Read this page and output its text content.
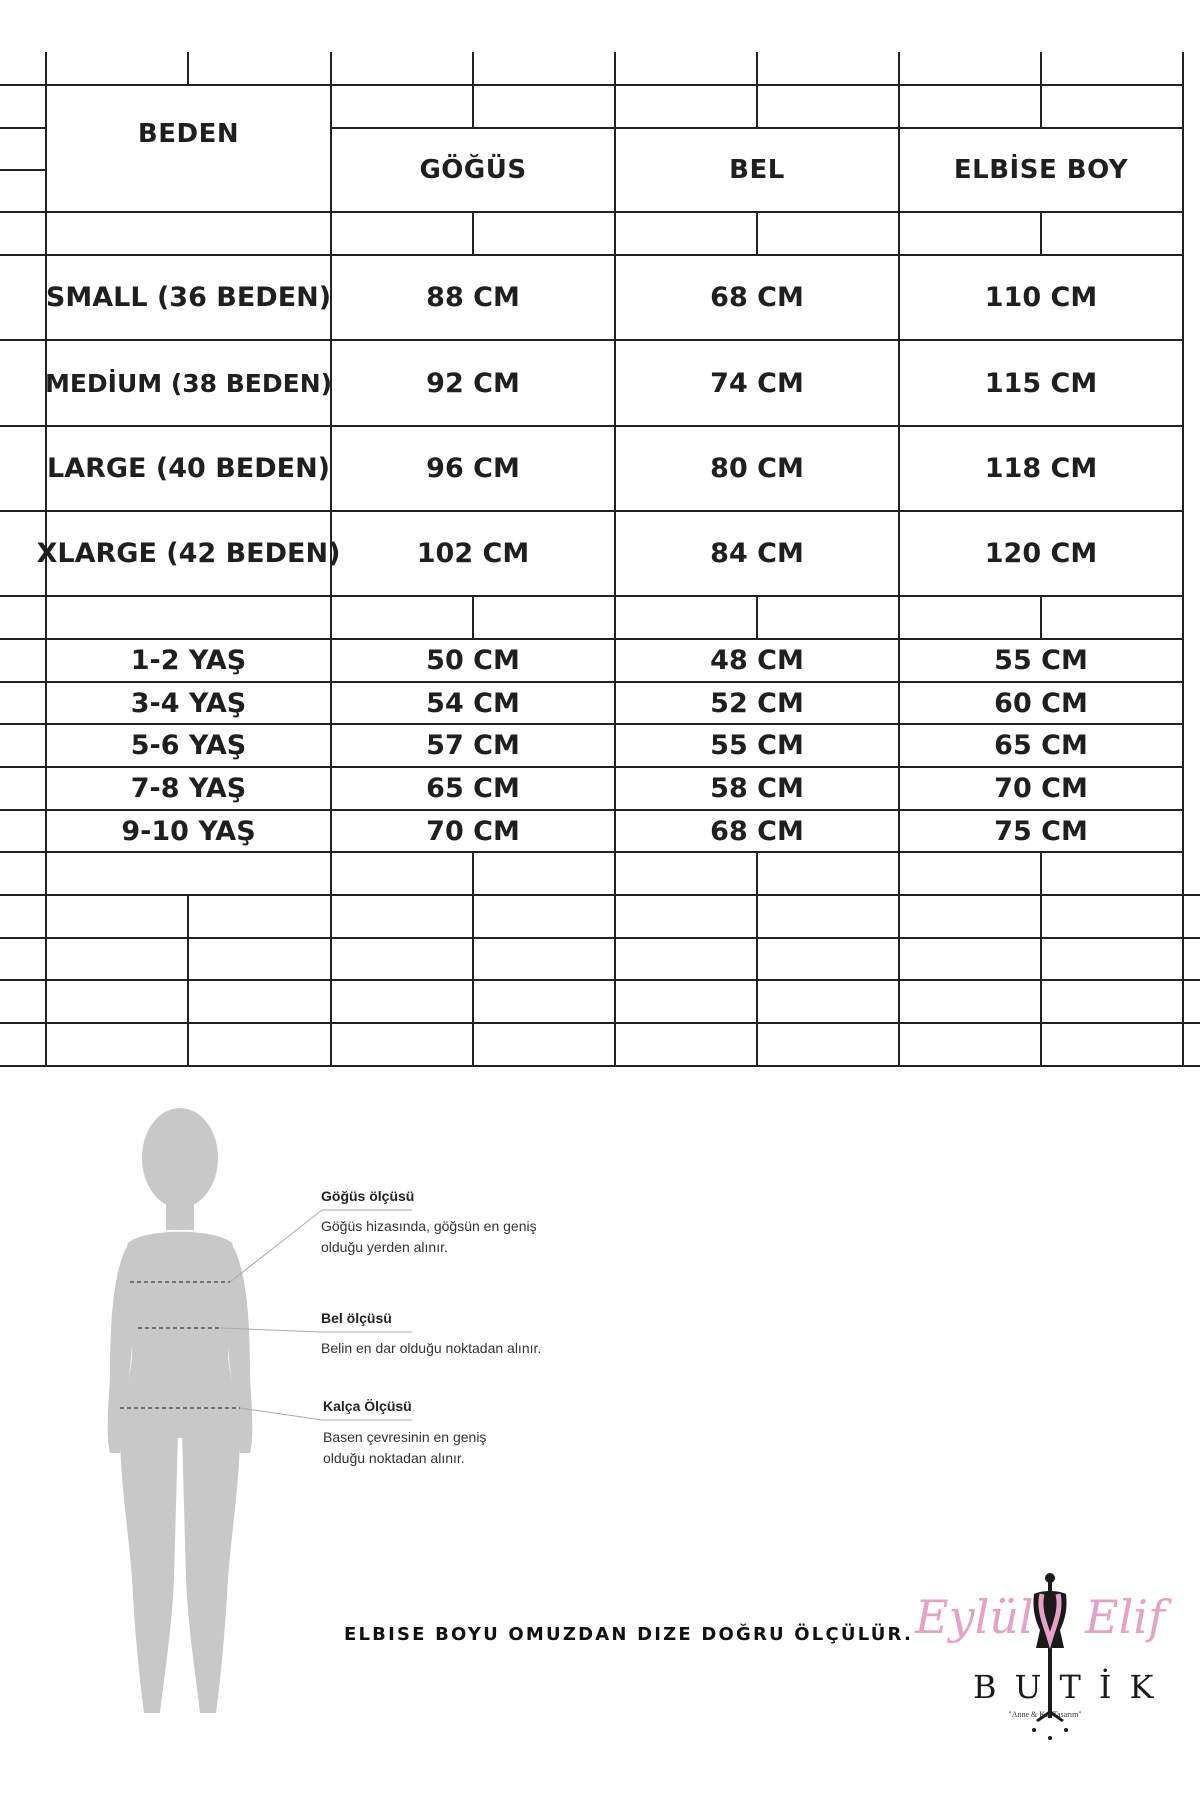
BEDEN
GÖĞÜS	BEL	ELBİSE BOY
SMALL (36 BEDEN)	88 CM	68 CM	110 CM
MEDİUM (38 BEDEN)	92 CM	74 CM	115 CM
LARGE (40 BEDEN)	96 CM	80 CM	118 CM
XLARGE (42 BEDEN)	102 CM	84 CM	120 CM
1-2 YAŞ	50 CM	48 CM	55 CM
3-4 YAŞ	54 CM	52 CM	60 CM
5-6 YAŞ	57 CM	55 CM	65 CM
7-8 YAŞ	65 CM	58 CM	70 CM
9-10 YAŞ	70 CM	68 CM	75 CM
Göğüs ölçüsü
Göğüs hizasında, göğsün en geniş
olduğu yerden alınır.
Bel ölçüsü
Belin en dar olduğu noktadan alınır.
Kalça Ölçüsü
Basen çevresinin en geniş
olduğu noktadan alınır.
ELBISE BOYU OMUZDAN DIZE DOĞRU ÖLÇÜLÜR. Eylül Elif
BUTİK
"Anne & Kız Tasarım"
